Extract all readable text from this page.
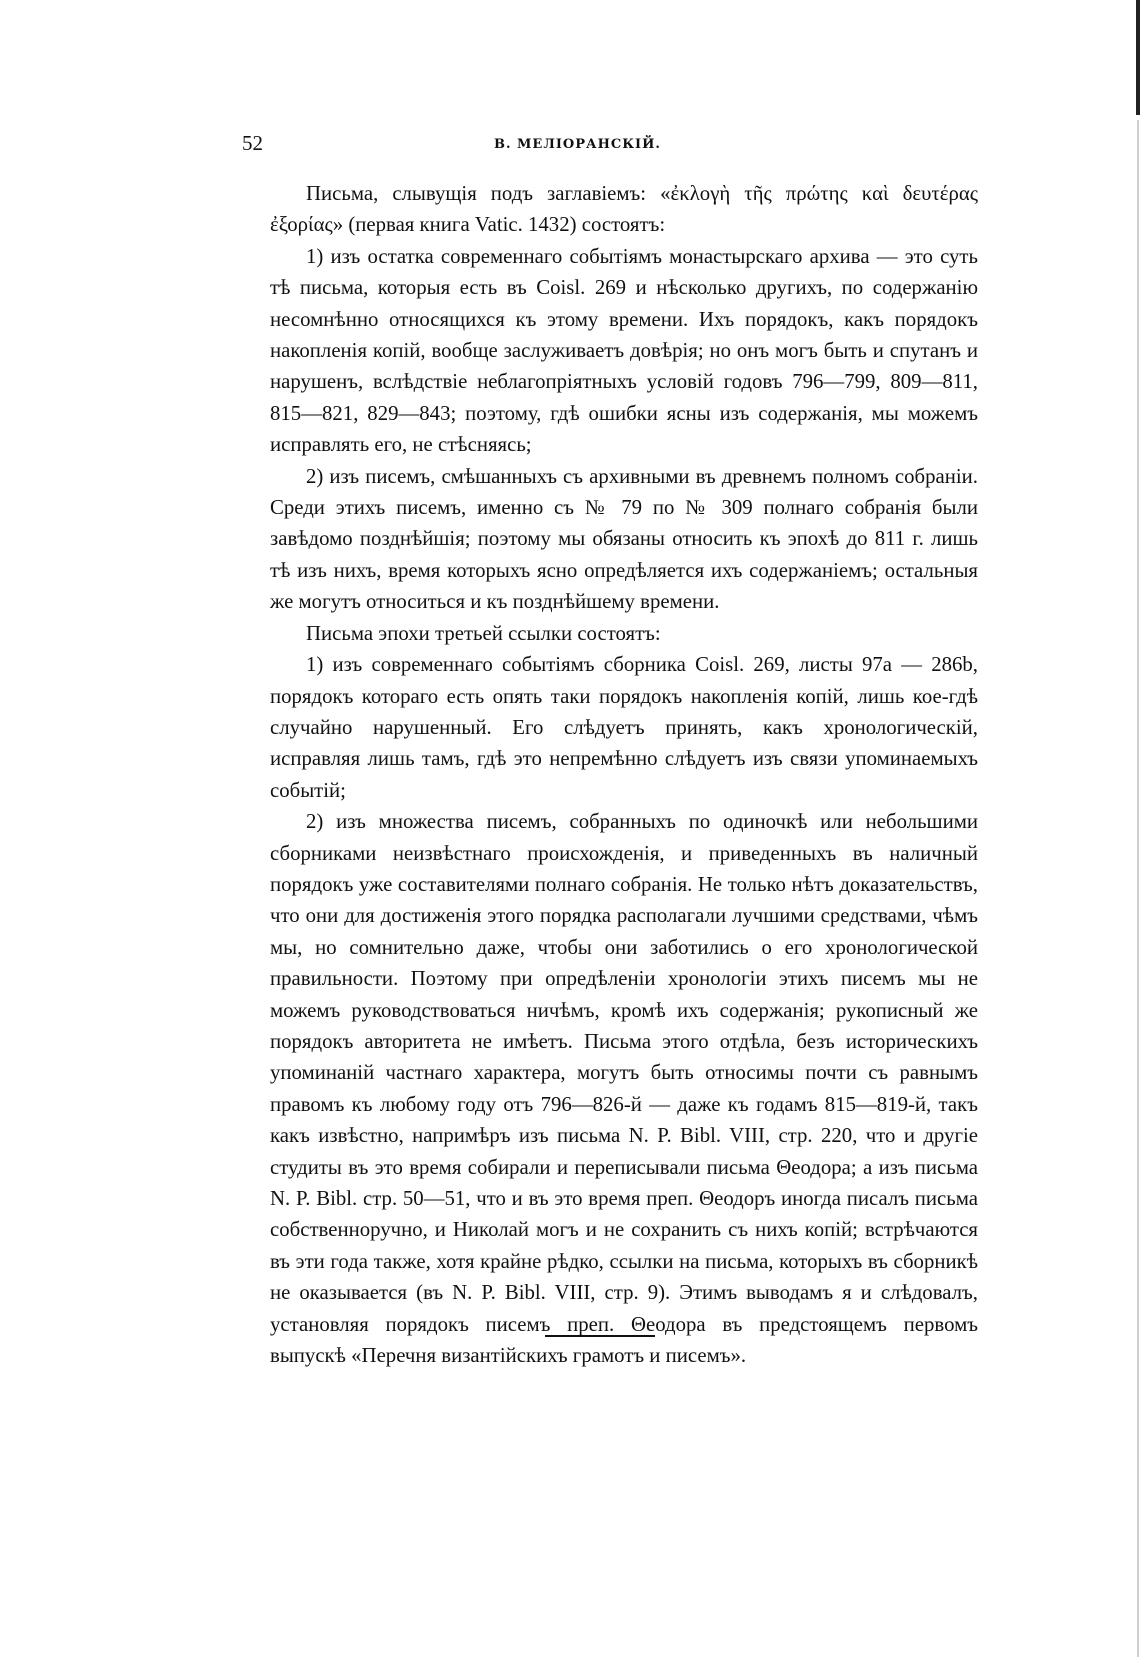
52	В. МЕЛІОРАНСКІЙ.

Письма, слывущія подъ заглавіемъ: «ἐκλογὴ τῆς πρώτης καὶ δευτέρας ἐξορίας» (первая книга Vatic. 1432) состоятъ:

1) изъ остатка современнаго событіямъ монастырскаго архива — это суть тѣ письма, которыя есть въ Coisl. 269 и нѣсколько другихъ, по содержанію несомнѣнно относящихся къ этому времени. Ихъ порядокъ, какъ порядокъ накопленія копій, вообще заслуживаетъ довѣрія; но онъ могъ быть и спутанъ и нарушенъ, вслѣдствіе неблагопріятныхъ условій годовъ 796—799, 809—811, 815—821, 829—843; поэтому, гдѣ ошибки ясны изъ содержанія, мы можемъ исправлять его, не стѣсняясь;

2) изъ писемъ, смѣшанныхъ съ архивными въ древнемъ полномъ собраніи. Среди этихъ писемъ, именно съ № 79 по № 309 полнаго собранія были завѣдомо позднѣйшія; поэтому мы обязаны относить къ эпохѣ до 811 г. лишь тѣ изъ нихъ, время которыхъ ясно опредѣляется ихъ содержаніемъ; остальныя же могутъ относиться и къ позднѣйшему времени.

Письма эпохи третьей ссылки состоятъ:

1) изъ современнаго событіямъ сборника Coisl. 269, листы 97a — 286b, порядокъ котораго есть опять таки порядокъ накопленія копій, лишь кое-гдѣ случайно нарушенный. Его слѣдуетъ принять, какъ хронологическій, исправляя лишь тамъ, гдѣ это непремѣнно слѣдуетъ изъ связи упоминаемыхъ событій;

2) изъ множества писемъ, собранныхъ по одиночкѣ или небольшими сборниками неизвѣстнаго происхожденія, и приведенныхъ въ наличный порядокъ уже составителями полнаго собранія. Не только нѣтъ доказательствъ, что они для достиженія этого порядка располагали лучшими средствами, чѣмъ мы, но сомнительно даже, чтобы они заботились о его хронологической правильности. Поэтому при опредѣленіи хронологіи этихъ писемъ мы не можемъ руководствоваться ничѣмъ, кромѣ ихъ содержанія; рукописный же порядокъ авторитета не имѣетъ. Письма этого отдѣла, безъ историческихъ упоминаній частнаго характера, могутъ быть относимы почти съ равнымъ правомъ къ любому году отъ 796—826-й — даже къ годамъ 815—819-й, такъ какъ извѣстно, напримѣръ изъ письма N. P. Bibl. VIII, стр. 220, что и другіе студиты въ это время собирали и переписывали письма Θеодора; а изъ письма N. P. Bibl. стр. 50—51, что и въ это время преп. Θеодоръ иногда писалъ письма собственноручно, и Николай могъ и не сохранить съ нихъ копій; встрѣчаются въ эти года также, хотя крайне рѣдко, ссылки на письма, которыхъ въ сборникѣ не оказывается (въ N. P. Bibl. VIII, стр. 9). Этимъ выводамъ я и слѣдовалъ, установляя порядокъ писемъ преп. Θеодора въ предстоящемъ первомъ выпускѣ «Перечня византійскихъ грамотъ и писемъ».
